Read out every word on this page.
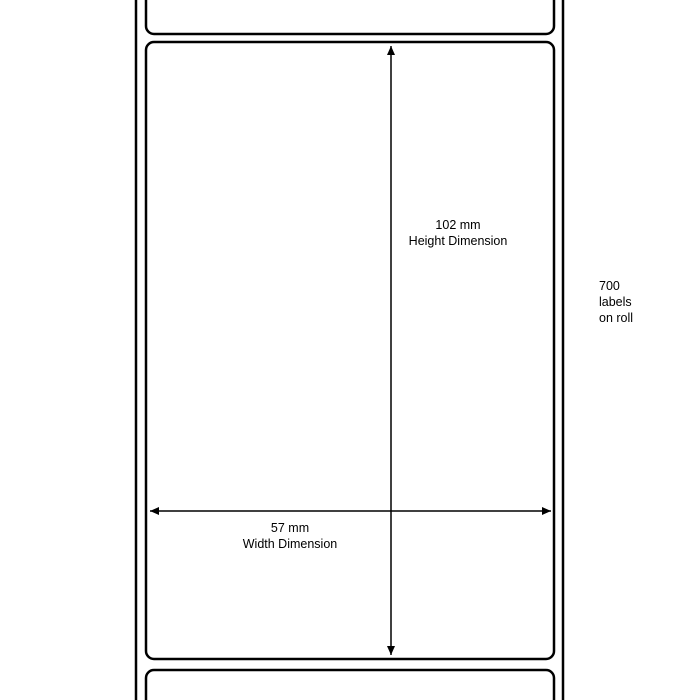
102 mm
Height Dimension
57 mm
Width Dimension
700
labels
on roll
